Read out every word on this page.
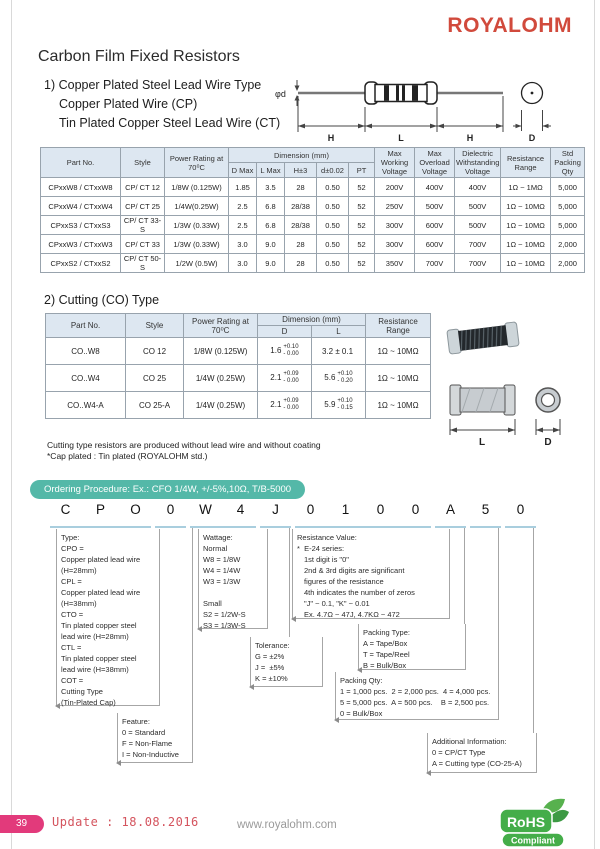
ROYALOHM
Carbon Film Fixed Resistors
1) Copper Plated Steel Lead Wire Type
Copper Plated Wire (CP)
Tin Plated Copper Steel Lead Wire (CT)
φd
H	L	H	D
Part No.	Style	Power Rating at 70⁰C	Dimension (mm)					Max Working Voltage	Max Overload Voltage	Dielectric Withstanding Voltage	Resistance Range	Std Packing Qty
			D Max	L Max	H±3	d±0.02	PT					
CPxxW8 / CTxxW8	CP/ CT 12	1/8W (0.125W)	1.85	3.5	28	0.50	52	200V	400V	400V	1Ω ~ 1MΩ	5,000
CPxxW4 / CTxxW4	CP/ CT 25	1/4W(0.25W)	2.5	6.8	28/38	0.50	52	250V	500V	500V	1Ω ~ 10MΩ	5,000
CPxxS3 / CTxxS3	CP/ CT 33-S	1/3W (0.33W)	2.5	6.8	28/38	0.50	52	300V	600V	500V	1Ω ~ 10MΩ	5,000
CPxxW3 / CTxxW3	CP/ CT 33	1/3W (0.33W)	3.0	9.0	28	0.50	52	300V	600V	700V	1Ω ~ 10MΩ	2,000
CPxxS2 / CTxxS2	CP/ CT 50-S	1/2W (0.5W)	3.0	9.0	28	0.50	52	350V	700V	700V	1Ω ~ 10MΩ	2,000
2) Cutting (CO) Type
Part No.	Style	Power Rating at 70⁰C	Dimension (mm)		Resistance Range
			D	L	
CO..W8	CO 12	1/8W (0.125W)	1.6 +0.10
- 0.00	3.2 ± 0.1	1Ω ~ 10MΩ
CO..W4	CO 25	1/4W (0.25W)	2.1 +0.09
- 0.00	5.6 +0.10
- 0.20	1Ω ~ 10MΩ
CO..W4-A	CO 25-A	1/4W (0.25W)	2.1 +0.09
- 0.00	5.9 +0.10
- 0.15	1Ω ~ 10MΩ
L	D
Cutting type resistors are produced without lead wire and without coating
*Cap plated : Tin plated (ROYALOHM std.)
Ordering Procedure: Ex.: CFO 1/4W, +/-5%,10Ω, T/B-5000
C	P	O	0	W	4	J	0	1	0	0	A	5	0
Type:
CPO =
Copper plated lead wire
(H=28mm)
CPL =
Copper plated lead wire
(H=38mm)
CTO =
Tin plated copper steel
lead wire (H=28mm)
CTL =
Tin plated copper steel
lead wire (H=38mm)
COT =
Cutting Type
(Tin-Plated Cap)
Wattage:
Normal
W8 = 1/8W
W4 = 1/4W
W3 = 1/3W

Small
S2 = 1/2W-S
S3 = 1/3W-S
Resistance Value:
*  E-24 series:
1st digit is "0"
2nd & 3rd digits are significant
figures of the resistance
4th indicates the number of zeros
"J" ~ 0.1, "K" ~ 0.01
Ex. 4.7Ω ~ 47J, 4.7KΩ ~ 472
Tolerance:
G = ±2%
J =  ±5%
K = ±10%
Packing Type:
A = Tape/Box
T = Tape/Reel
B = Bulk/Box
Packing Qty:
1 = 1,000 pcs.  2 = 2,000 pcs.  4 = 4,000 pcs.
5 = 5,000 pcs.  A = 500 pcs.    B = 2,500 pcs.
0 = Bulk/Box
Additional Information:
0 = CP/CT Type
A = Cutting type (CO-25-A)
Feature:
0 = Standard
F = Non-Flame
I = Non-Inductive
39	Update : 18.08.2016	www.royalohm.com	RoHS
Compliant
